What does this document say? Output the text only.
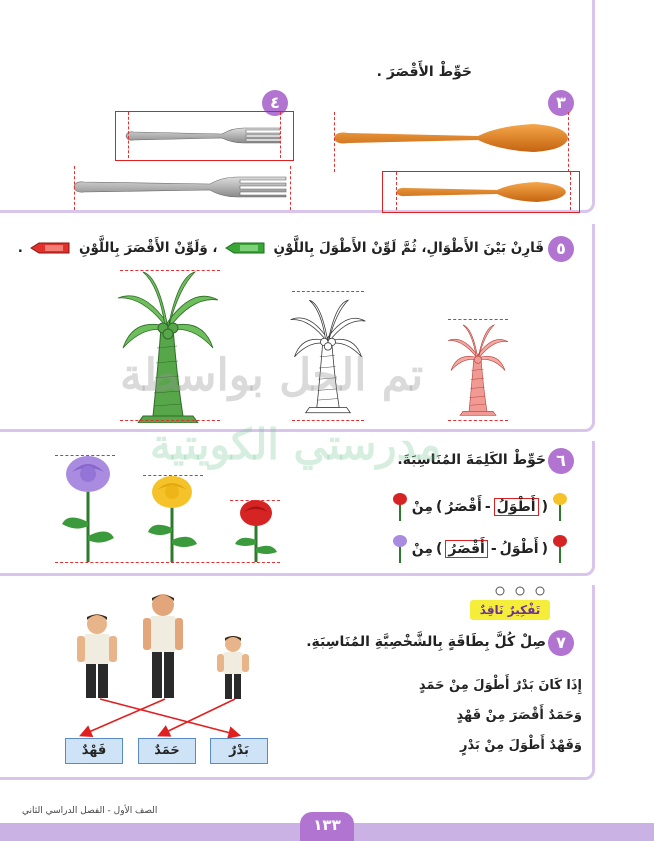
حَوِّطْ الأَقْصَرَ .
٣
٤
٥
قَارِنْ بَيْنَ الأَطْوَالِ، ثُمَّ لَوِّنْ الأَطْوَلَ بِاللَّوْنِ
، وَلَوِّنْ الأَقْصَرَ بِاللَّوْنِ
.
٦
حَوِّطْ الكَلِمَةَ المُنَاسِبَةَ.
(
أَطْوَلُ
-
أَقْصَرُ
)
مِنْ
(
أَطْوَلُ
-
أَقْصَرُ
)
مِنْ
تَفْكِيرٌ نَاقِدٌ
٧
صِلْ كُلَّ بِطَاقَةٍ بِالشَّخْصِيَّةِ المُنَاسِبَةِ.
إِذَا كَانَ بَدْرٌ أَطْوَلَ مِنْ حَمَدٍ
وَحَمَدٌ أَقْصَرَ مِنْ فَهْدٍ
وَفَهْدٌ أَطْوَلَ مِنْ بَدْرٍ
فَهْدٌ	حَمَدٌ	بَدْرٌ
تم الحل بواسطة
مدرستي الكويتية
١٣٣
الصف الأول - الفصل الدراسي الثاني
